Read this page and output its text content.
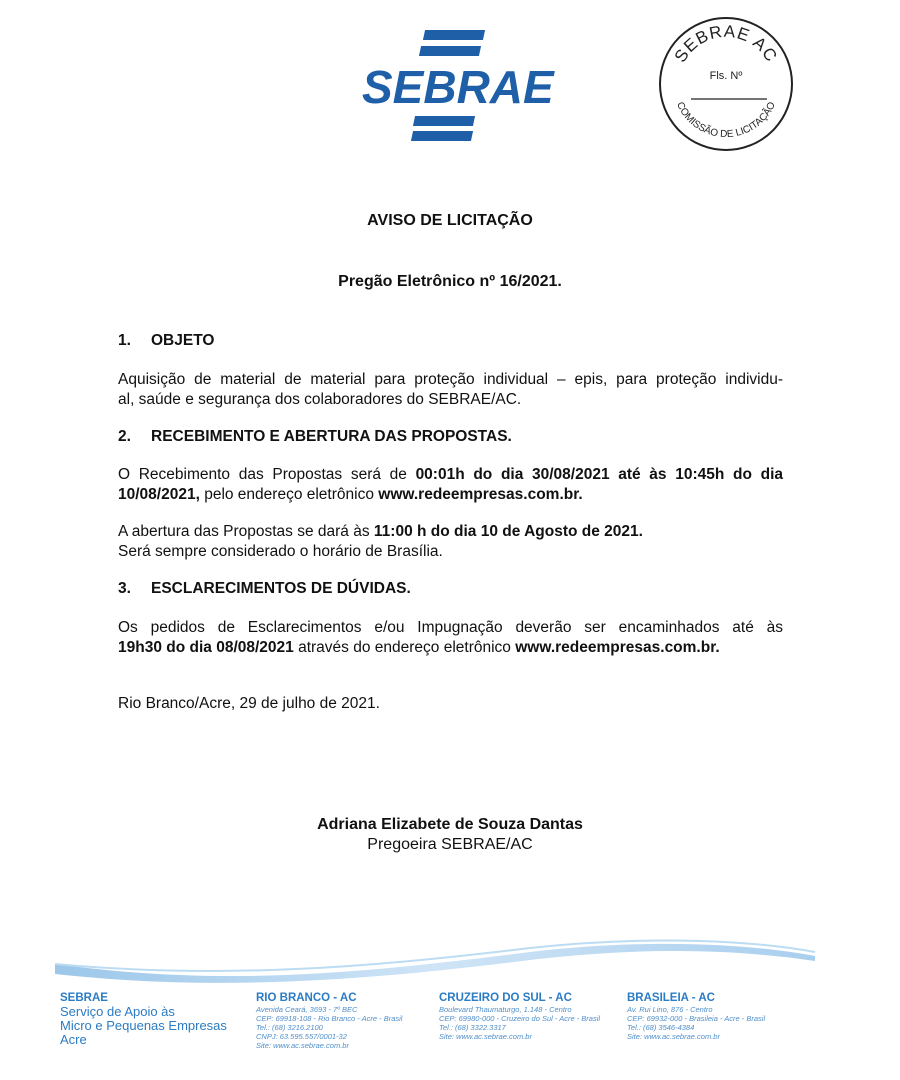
SEBRAE
SEBRAE AC
Fls. Nº
COMISSÃO DE LICITAÇÃO
AVISO DE LICITAÇÃO
Pregão Eletrônico nº 16/2021.
1. OBJETO
Aquisição de material de material para proteção individual – epis, para proteção individu-
al, saúde e segurança dos colaboradores do SEBRAE/AC.
2. RECEBIMENTO E ABERTURA DAS PROPOSTAS.
O Recebimento das Propostas será de 00:01h do dia 30/08/2021 até às 10:45h do dia
10/08/2021, pelo endereço eletrônico www.redeempresas.com.br.
A abertura das Propostas se dará às 11:00 h do dia 10 de Agosto de 2021.
Será sempre considerado o horário de Brasília.
3. ESCLARECIMENTOS DE DÚVIDAS.
Os pedidos de Esclarecimentos e/ou Impugnação deverão ser encaminhados até às
19h30 do dia 08/08/2021 através do endereço eletrônico www.redeempresas.com.br.
Rio Branco/Acre, 29 de julho de 2021.
Adriana Elizabete de Souza Dantas
Pregoeira SEBRAE/AC
SEBRAE
Serviço de Apoio às
Micro e Pequenas Empresas
Acre
RIO BRANCO - AC
Avenida Ceará, 3693 - 7º BEC
CEP: 69918-108 - Rio Branco - Acre - Brasil
Tel.: (68) 3216.2100
CNPJ: 63.595.557/0001-32
Site: www.ac.sebrae.com.br
CRUZEIRO DO SUL - AC
Boulevard Thaumaturgo, 1.148 - Centro
CEP: 69980-000 - Cruzeiro do Sul - Acre - Brasil
Tel.: (68) 3322.3317
Site: www.ac.sebrae.com.br
BRASILEIA - AC
Av. Rui Lino, 876 - Centro
CEP: 69932-000 - Brasileia - Acre - Brasil
Tel.: (68) 3546-4384
Site: www.ac.sebrae.com.br
